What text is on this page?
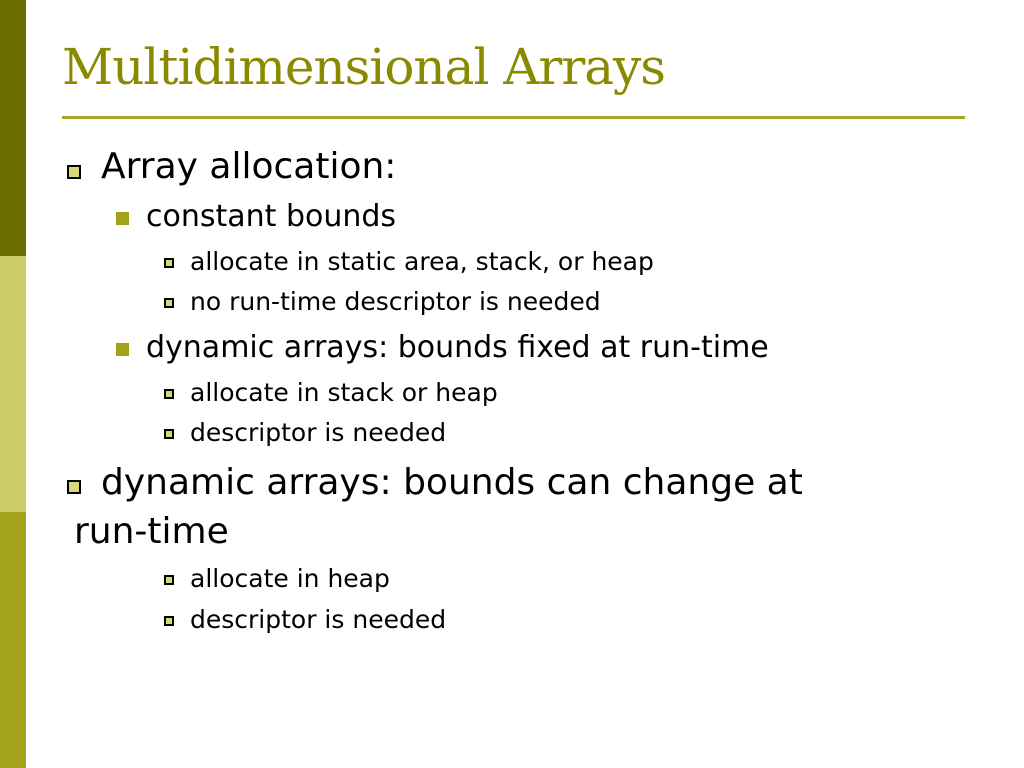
Multidimensional Arrays
Array allocation:
constant bounds
allocate in static area, stack, or heap
no run-time descriptor is needed
dynamic arrays: bounds fixed at run-time
allocate in stack or heap
descriptor is needed
dynamic arrays: bounds can change at
run-time
allocate in heap
descriptor is needed
